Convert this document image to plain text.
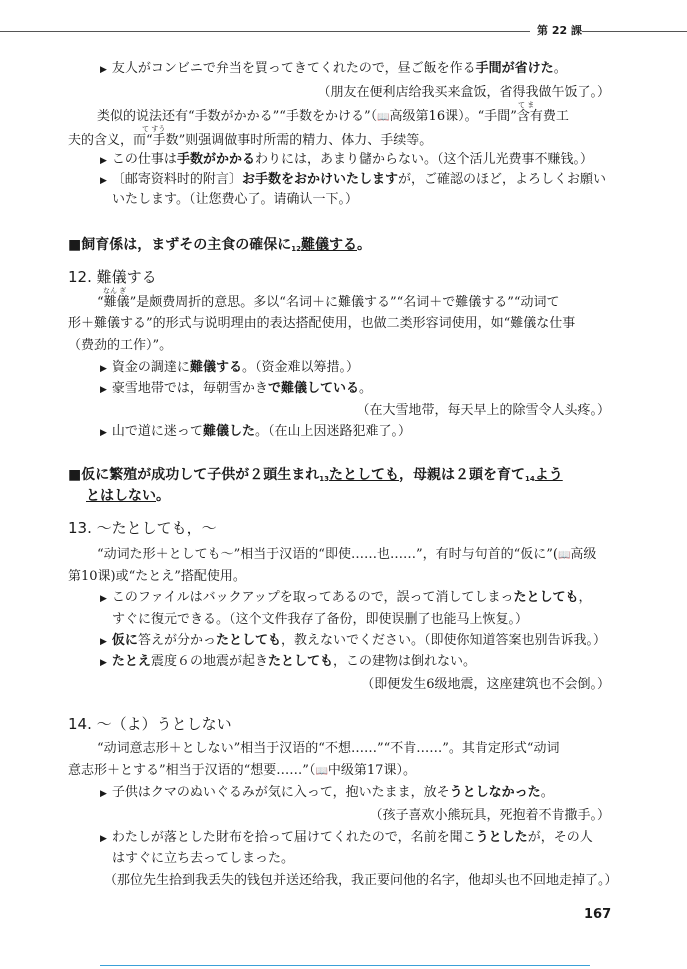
第 22 課
▶ 友人がコンビニで弁当を買ってきてくれたので，昼ご飯を作る手間が省けた。
（朋友在便利店给我买来盒饭，省得我做午饭了。）
て ま
类似的说法还有“手数がかかる”“手数をかける”（📖高级第16课）。“手間”含有费工
て すう
夫的含义，而“手数”则强调做事时所需的精力、体力、手续等。
▶ この仕事は手数がかかるわりには，あまり儲からない。（这个活儿光费事不赚钱。）
▶ 〔邮寄资料时的附言〕お手数をおかけいたしますが，ご確認のほど，よろしくお願い
いたします。（让您费心了。请确认一下。）
■飼育係は，まずその主食の確保に12難儀する。
12. 難儀する
なん ぎ
“難儀”是颇费周折的意思。多以“名词＋に難儀する”“名词＋で難儀する”“动词て
形＋難儀する”的形式与说明理由的表达搭配使用，也做二类形容词使用，如“難儀な仕事
（费劲的工作）”。
▶ 資金の調達に難儀する。（资金难以筹措。）
▶ 豪雪地帯では，毎朝雪かきで難儀している。
（在大雪地带，每天早上的除雪令人头疼。）
▶ 山で道に迷って難儀した。（在山上因迷路犯难了。）
■仮に繁殖が成功して子供が２頭生まれ13たとしても，母親は２頭を育て14よう
とはしない。
13. 〜たとしても，〜
“动词た形＋としても〜”相当于汉语的“即使……也……”，有时与句首的“仮に”(📖高级
第10课)或“たとえ”搭配使用。
▶ このファイルはバックアップを取ってあるので，誤って消してしまったとしても，
すぐに復元できる。（这个文件我存了备份，即使误删了也能马上恢复。）
▶ 仮に答えが分かったとしても，教えないでください。（即使你知道答案也别告诉我。）
▶ たとえ震度６の地震が起きたとしても，この建物は倒れない。
（即便发生6级地震，这座建筑也不会倒。）
14. 〜（よ）うとしない
“动词意志形＋としない”相当于汉语的“不想……”“不肯……”。其肯定形式“动词
意志形＋とする”相当于汉语的“想要……”（📖中级第17课）。
▶ 子供はクマのぬいぐるみが気に入って，抱いたまま，放そうとしなかった。
（孩子喜欢小熊玩具，死抱着不肯撒手。）
▶ わたしが落とした財布を拾って届けてくれたので，名前を聞こうとしたが，その人
はすぐに立ち去ってしまった。
（那位先生拾到我丢失的钱包并送还给我，我正要问他的名字，他却头也不回地走掉了。）
167
